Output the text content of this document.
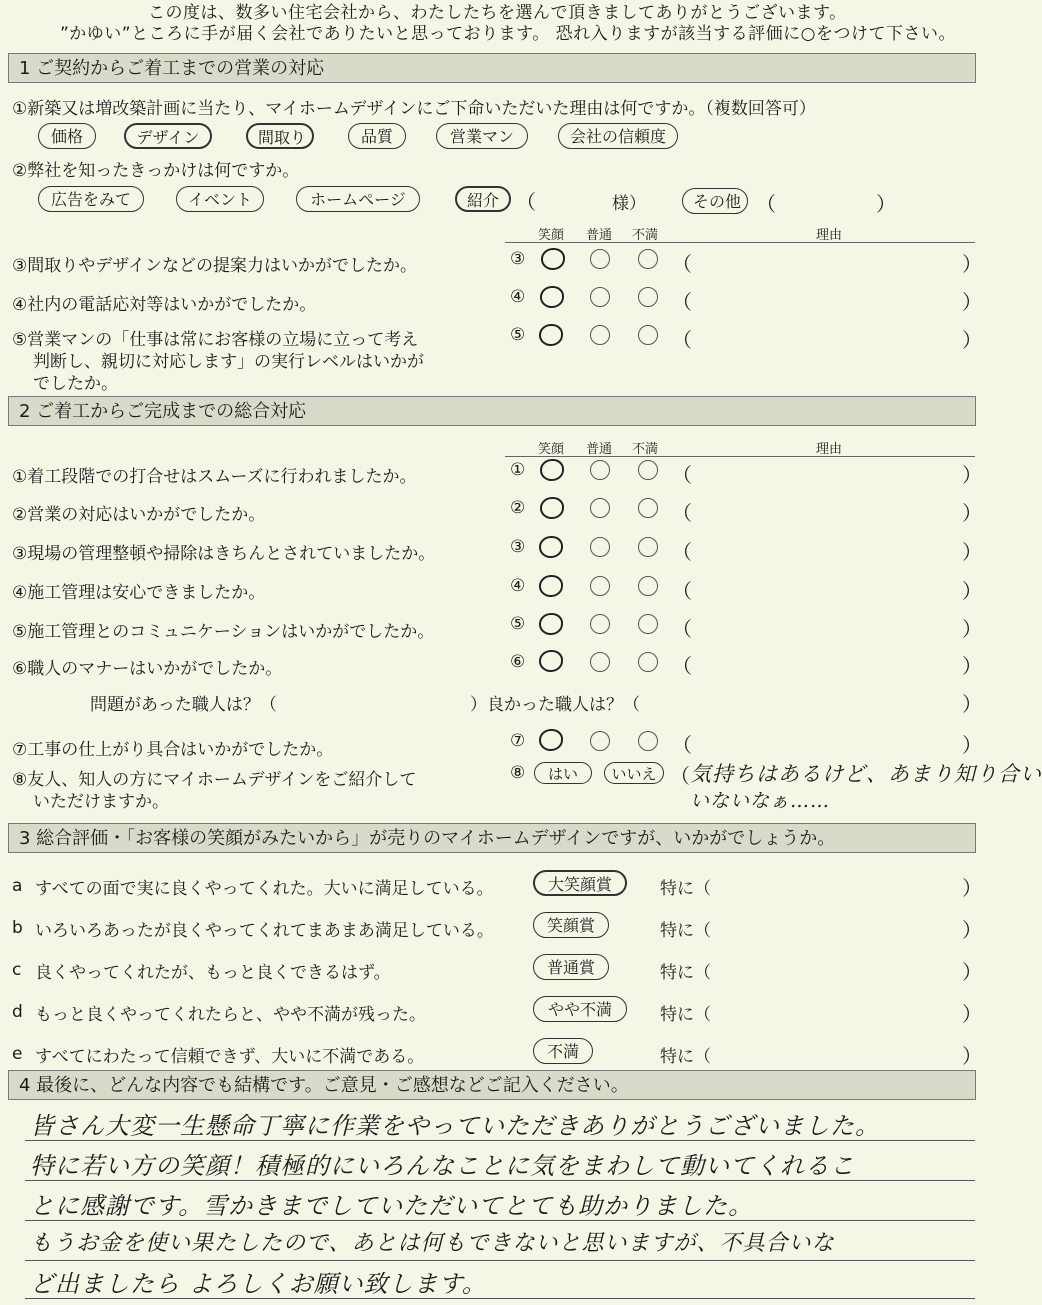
この度は、数多い住宅会社から、わたしたちを選んで頂きましてありがとうございます。
”かゆい”ところに手が届く会社でありたいと思っております。 恐れ入りますが該当する評価に○をつけて下さい。
1 ご契約からご着工までの営業の対応
①新築又は増改築計画に当たり、マイホームデザインにご下命いただいた理由は何ですか。（複数回答可）
価格	デザイン	間取り	品質	営業マン	会社の信頼度
②弊社を知ったきっかけは何ですか。
広告をみて	イベント	ホームページ	紹介 （	様）	その他 （　　　　　）
笑顔 普通 不満	理由
③間取りやデザインなどの提案力はいかがでしたか。	③	（	）
④社内の電話応対等はいかがでしたか。	④	（	）
⑤営業マンの「仕事は常にお客様の立場に立って考え
判断し、親切に対応します」の実行レベルはいかが
でしたか。
⑤	（	）
2 ご着工からご完成までの総合対応
笑顔 普通 不満	理由
①着工段階での打合せはスムーズに行われましたか。	①	（	）
②営業の対応はいかがでしたか。	②	（	）
③現場の管理整頓や掃除はきちんとされていましたか。	③	（	）
④施工管理は安心できましたか。	④	（	）
⑤施工管理とのコミュニケーションはいかがでしたか。	⑤	（	）
⑥職人のマナーはいかがでしたか。	⑥	（	）
問題があった職人は？（	）良かった職人は？（	）
⑦工事の仕上がり具合はいかがでしたか。	⑦	（	）
⑧友人、知人の方にマイホームデザインをご紹介して
いただけますか。
⑧	はい	いいえ （ 気持ちはあるけど、あまり知り合い
いないなぁ……
3 総合評価・「お客様の笑顔がみたいから」が売りのマイホームデザインですが、いかがでしょうか。
a すべての面で実に良くやってくれた。大いに満足している。	大笑顔賞	特に（	）
b いろいろあったが良くやってくれてまあまあ満足している。	笑顔賞	特に（	）
c 良くやってくれたが、もっと良くできるはず。	普通賞	特に（	）
d もっと良くやってくれたらと、やや不満が残った。	やや不満	特に（	）
e すべてにわたって信頼できず、大いに不満である。	不満	特に（	）
4 最後に、どんな内容でも結構です。ご意見・ご感想などご記入ください。
皆さん大変一生懸命丁寧に作業をやっていただきありがとうございました。
特に若い方の笑顔！積極的にいろんなことに気をまわして動いてくれるこ
とに感謝です。雪かきまでしていただいてとても助かりました。
もうお金を使い果たしたので、あとは何もできないと思いますが、不具合いな
ど出ましたら よろしくお願い致します。
